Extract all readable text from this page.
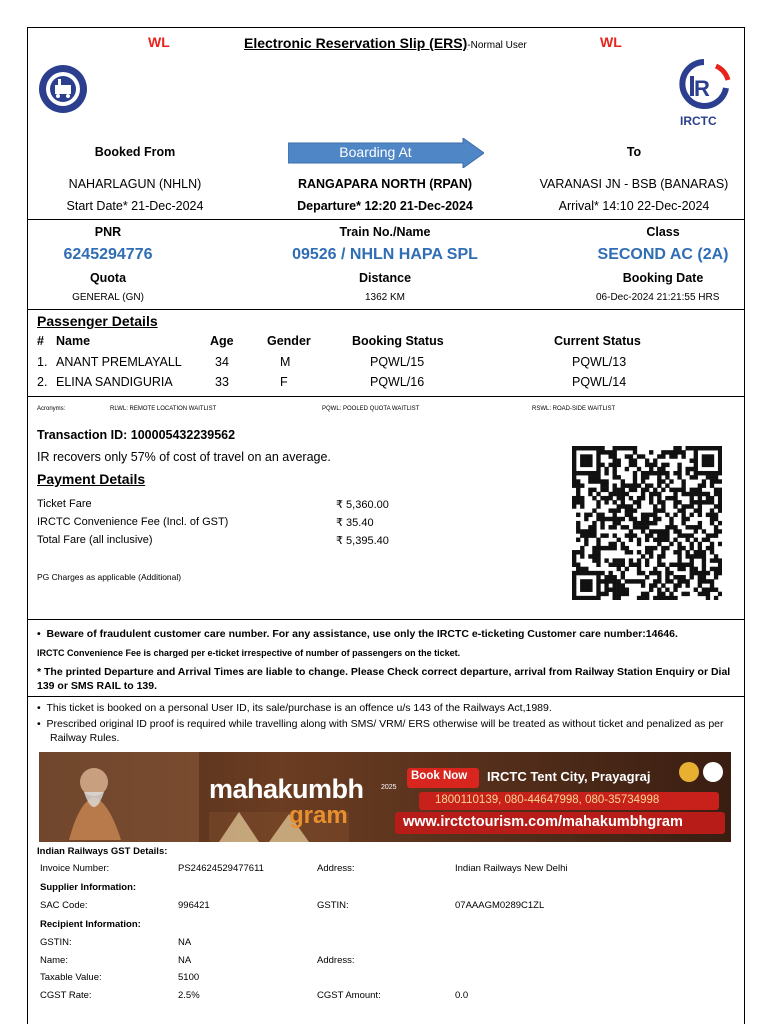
WL	Electronic Reservation Slip (ERS)-Normal User	WL
R
IRCTC
Booked From	Boarding At	To
NAHARLAGUN (NHLN)	RANGAPARA NORTH (RPAN)	VARANASI JN - BSB (BANARAS)
Start Date* 21-Dec-2024	Departure* 12:20 21-Dec-2024	Arrival* 14:10 22-Dec-2024
PNR	Train No./Name	Class
6245294776	09526 / NHLN HAPA SPL	SECOND AC (2A)
Quota	Distance	Booking Date
GENERAL (GN)	1362 KM	06-Dec-2024 21:21:55 HRS
Passenger Details
# Name	Age	Gender	Booking Status	Current Status
1. ANANT PREMLAYALL	34	M	PQWL/15	PQWL/13
2. ELINA SANDIGURIA	33	F	PQWL/16	PQWL/14
Acronyms:	RLWL: REMOTE LOCATION WAITLIST	PQWL: POOLED QUOTA WAITLIST	RSWL: ROAD-SIDE WAITLIST
Transaction ID: 100005432239562
IR recovers only 57% of cost of travel on an average.
Payment Details
Ticket Fare	₹ 5,360.00
IRCTC Convenience Fee (Incl. of GST)	₹ 35.40
Total Fare (all inclusive)	₹ 5,395.40
PG Charges as applicable (Additional)
•  Beware of fraudulent customer care number. For any assistance, use only the IRCTC e-ticketing Customer care number:14646.
IRCTC Convenience Fee is charged per e-ticket irrespective of number of passengers on the ticket.
* The printed Departure and Arrival Times are liable to change. Please Check correct departure, arrival from Railway Station Enquiry or Dial 139 or SMS RAIL to 139.
•  This ticket is booked on a personal User ID, its sale/purchase is an offence u/s 143 of the Railways Act,1989.
•  Prescribed original ID proof is required while travelling along with SMS/ VRM/ ERS otherwise will be treated as without ticket and penalized as per Railway Rules.
mahakumbh
gram
2025
Book Now IRCTC Tent City, Prayagraj
1800110139, 080-44647998, 080-35734998
www.irctctourism.com/mahakumbhgram
Indian Railways GST Details:
Invoice Number:	PS24624529477611	Address:	Indian Railways New Delhi
Supplier Information:
SAC Code:	996421	GSTIN:	07AAAGM0289C1ZL
Recipient Information:
GSTIN:	NA
Name:	NA	Address:
Taxable Value:	5100
CGST Rate:	2.5%	CGST Amount:	0.0
